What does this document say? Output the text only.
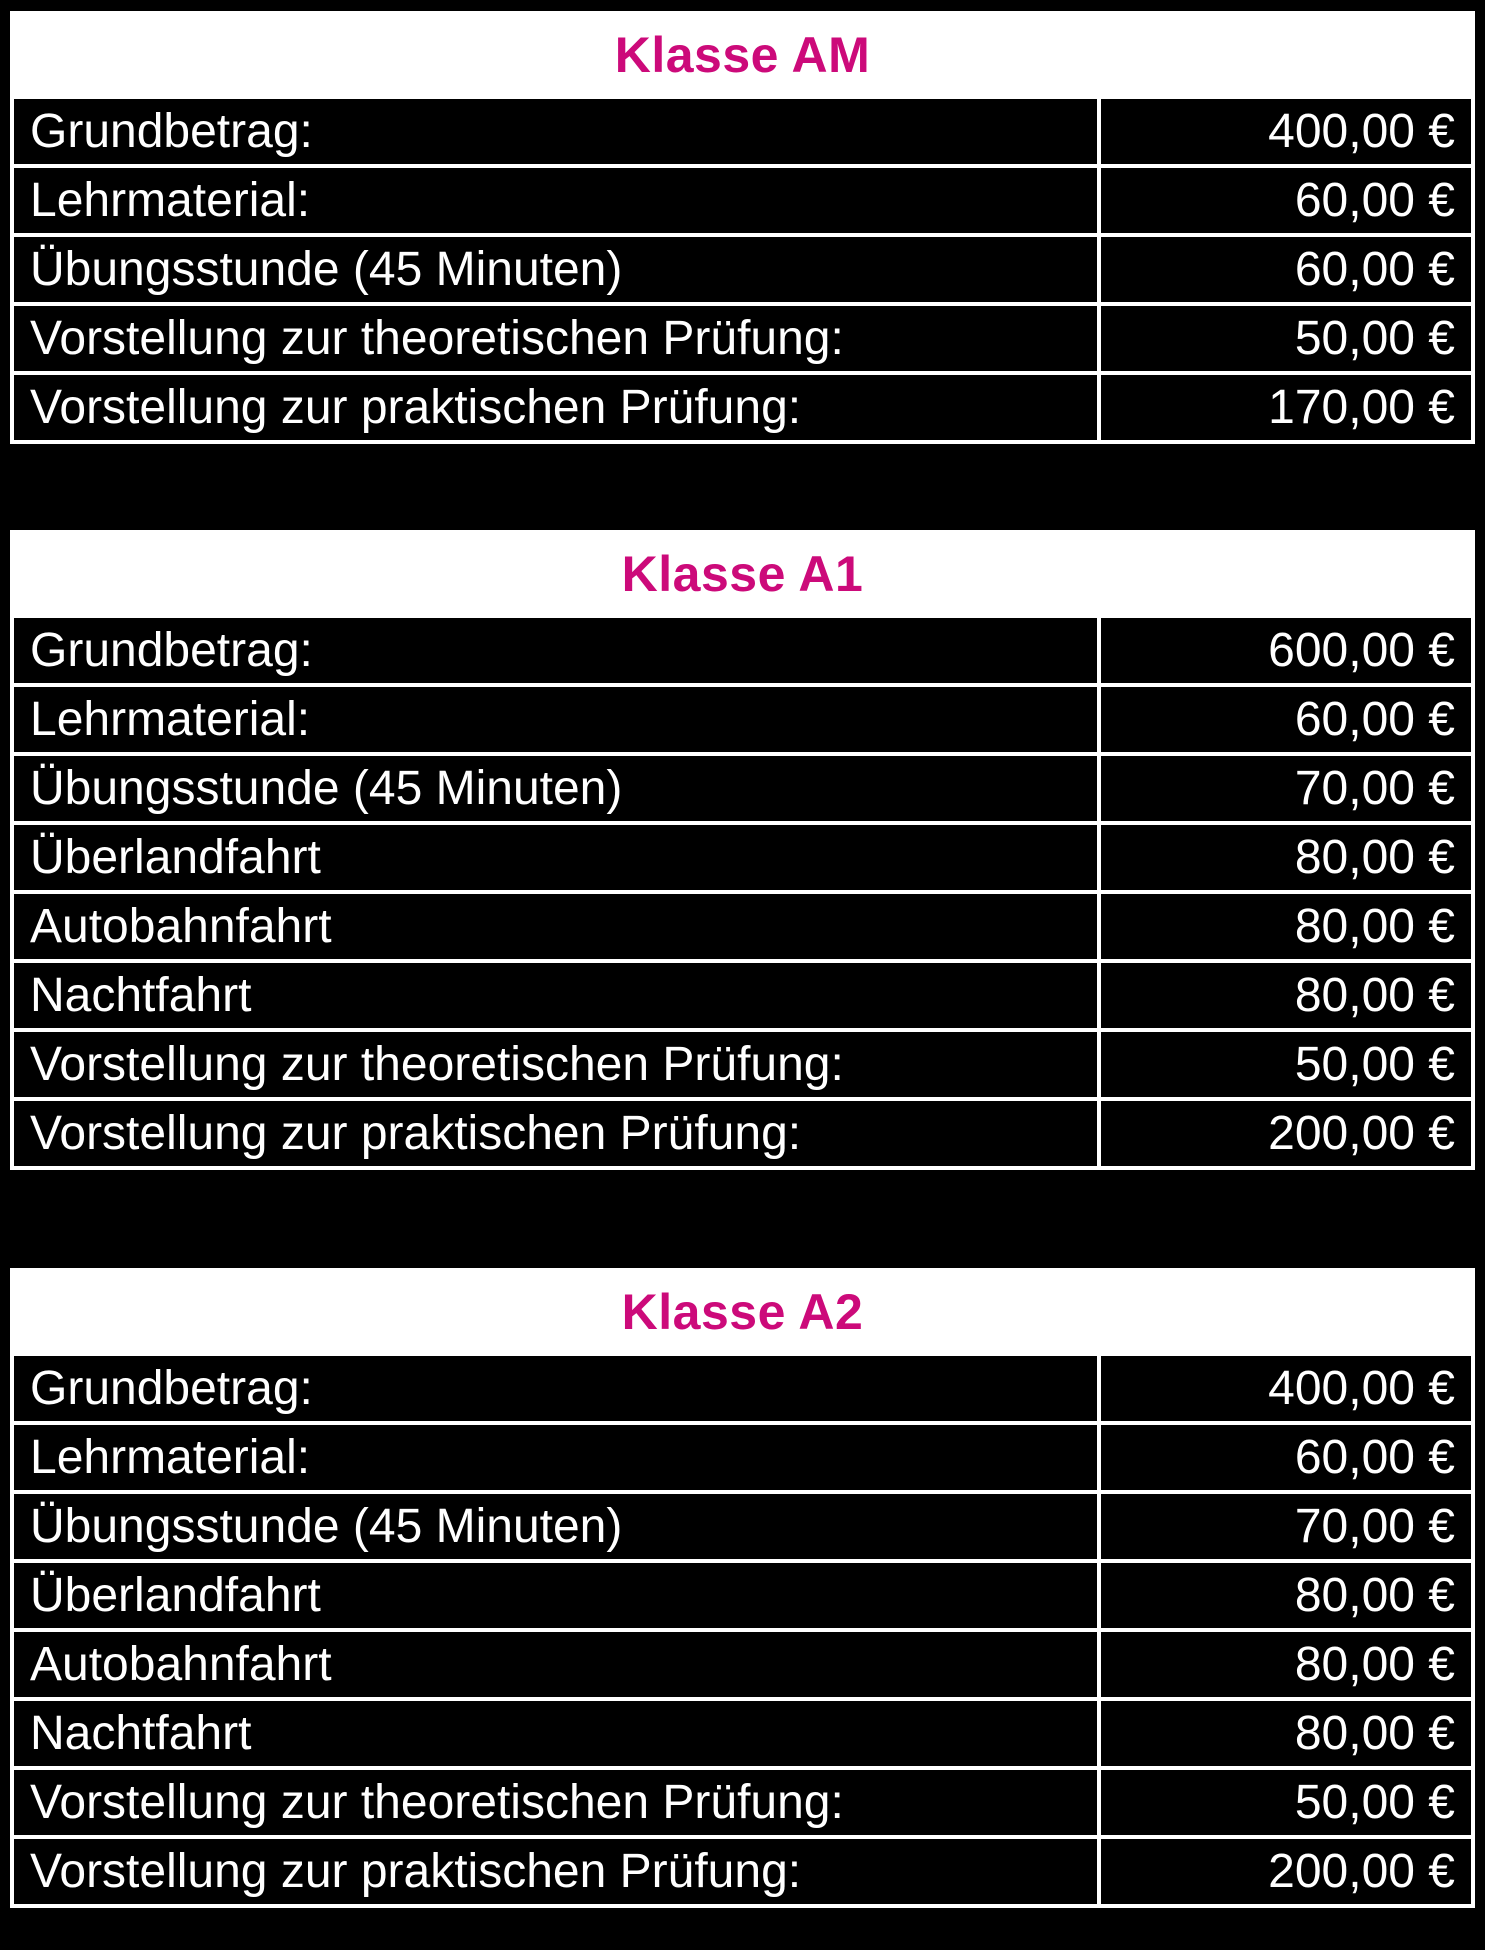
Klasse AM	
Grundbetrag:	400,00 €
Lehrmaterial:	60,00 €
Übungsstunde (45 Minuten)	60,00 €
Vorstellung zur theoretischen Prüfung:	50,00 €
Vorstellung zur praktischen Prüfung:	170,00 €
Klasse A1	
Grundbetrag:	600,00 €
Lehrmaterial:	60,00 €
Übungsstunde (45 Minuten)	70,00 €
Überlandfahrt	80,00 €
Autobahnfahrt	80,00 €
Nachtfahrt	80,00 €
Vorstellung zur theoretischen Prüfung:	50,00 €
Vorstellung zur praktischen Prüfung:	200,00 €
Klasse A2	
Grundbetrag:	400,00 €
Lehrmaterial:	60,00 €
Übungsstunde (45 Minuten)	70,00 €
Überlandfahrt	80,00 €
Autobahnfahrt	80,00 €
Nachtfahrt	80,00 €
Vorstellung zur theoretischen Prüfung:	50,00 €
Vorstellung zur praktischen Prüfung:	200,00 €
